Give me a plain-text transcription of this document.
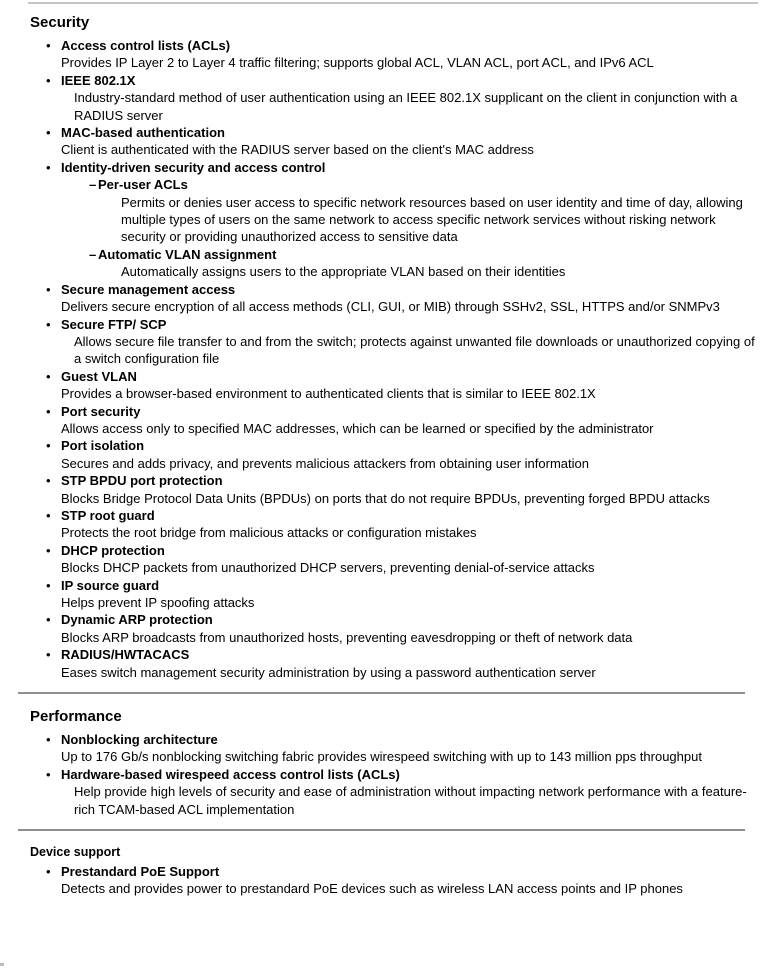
Security
• Access control lists (ACLs)
Provides IP Layer 2 to Layer 4 traffic filtering; supports global ACL, VLAN ACL, port ACL, and IPv6 ACL
• IEEE 802.1X
Industry-standard method of user authentication using an IEEE 802.1X supplicant on the client in conjunction with a RADIUS server
• MAC-based authentication
Client is authenticated with the RADIUS server based on the client's MAC address
• Identity-driven security and access control
– Per-user ACLs
Permits or denies user access to specific network resources based on user identity and time of day, allowing multiple types of users on the same network to access specific network services without risking network security or providing unauthorized access to sensitive data
– Automatic VLAN assignment
Automatically assigns users to the appropriate VLAN based on their identities
• Secure management access
Delivers secure encryption of all access methods (CLI, GUI, or MIB) through SSHv2, SSL, HTTPS and/or SNMPv3
• Secure FTP/ SCP
Allows secure file transfer to and from the switch; protects against unwanted file downloads or unauthorized copying of a switch configuration file
• Guest VLAN
Provides a browser-based environment to authenticated clients that is similar to IEEE 802.1X
• Port security
Allows access only to specified MAC addresses, which can be learned or specified by the administrator
• Port isolation
Secures and adds privacy, and prevents malicious attackers from obtaining user information
• STP BPDU port protection
Blocks Bridge Protocol Data Units (BPDUs) on ports that do not require BPDUs, preventing forged BPDU attacks
• STP root guard
Protects the root bridge from malicious attacks or configuration mistakes
• DHCP protection
Blocks DHCP packets from unauthorized DHCP servers, preventing denial-of-service attacks
• IP source guard
Helps prevent IP spoofing attacks
• Dynamic ARP protection
Blocks ARP broadcasts from unauthorized hosts, preventing eavesdropping or theft of network data
• RADIUS/HWTACACS
Eases switch management security administration by using a password authentication server
Performance
• Nonblocking architecture
Up to 176 Gb/s nonblocking switching fabric provides wirespeed switching with up to 143 million pps throughput
• Hardware-based wirespeed access control lists (ACLs)
Help provide high levels of security and ease of administration without impacting network performance with a feature-rich TCAM-based ACL implementation
Device support
• Prestandard PoE Support
Detects and provides power to prestandard PoE devices such as wireless LAN access points and IP phones
